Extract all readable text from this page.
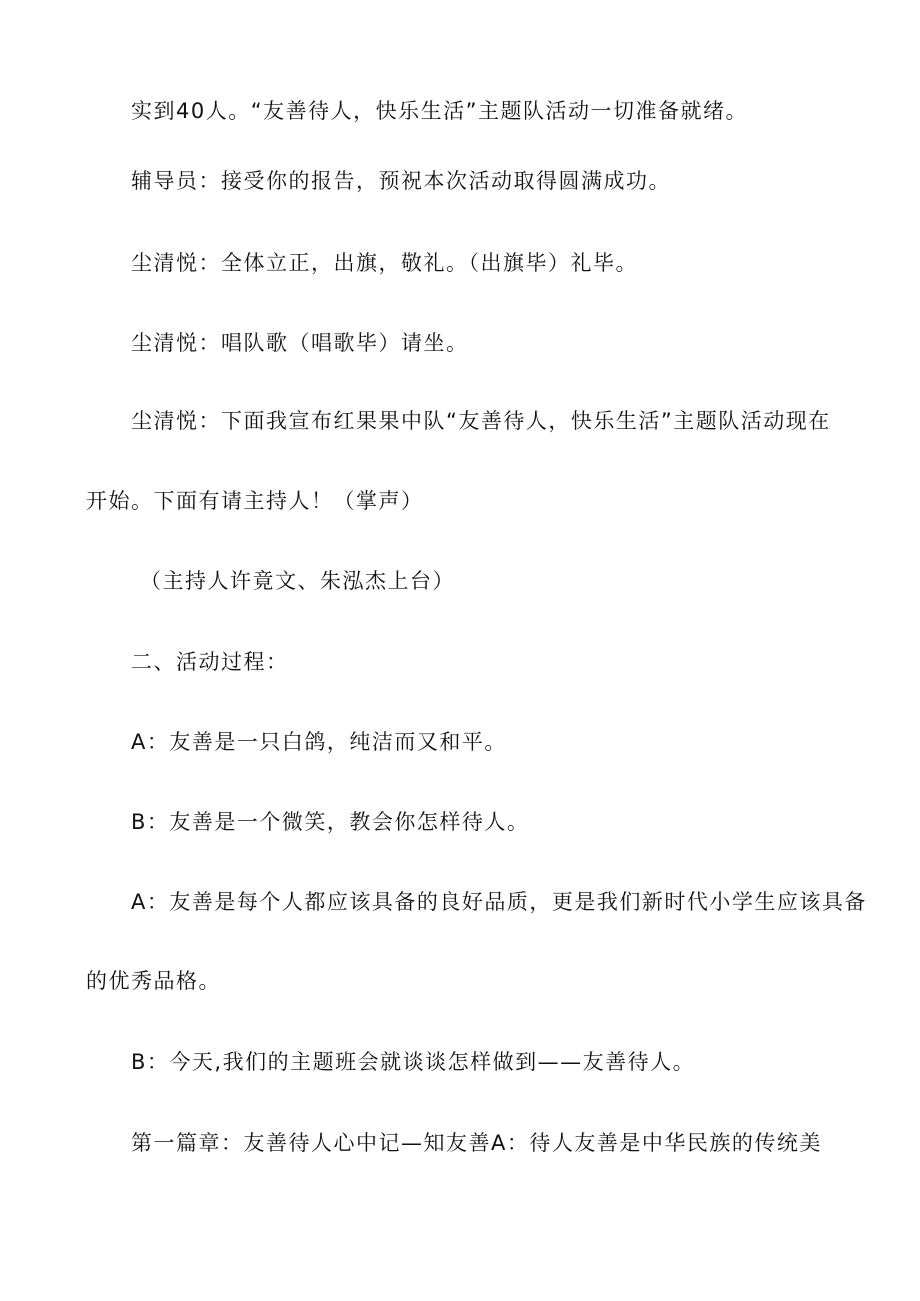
实到40人。“友善待人，快乐生活”主题队活动一切准备就绪。
辅导员：接受你的报告，预祝本次活动取得圆满成功。
尘清悦：全体立正，出旗，敬礼。（出旗毕）礼毕。
尘清悦：唱队歌（唱歌毕）请坐。
尘清悦：下面我宣布红果果中队“友善待人，快乐生活”主题队活动现在
开始。下面有请主持人！（掌声）
（主持人许竟文、朱泓杰上台）
二、活动过程：
A：友善是一只白鸽，纯洁而又和平。
B：友善是一个微笑，教会你怎样待人。
A：友善是每个人都应该具备的良好品质，更是我们新时代小学生应该具备
的优秀品格。
B：今天,我们的主题班会就谈谈怎样做到——友善待人。
第一篇章：友善待人心中记—知友善A：待人友善是中华民族的传统美
